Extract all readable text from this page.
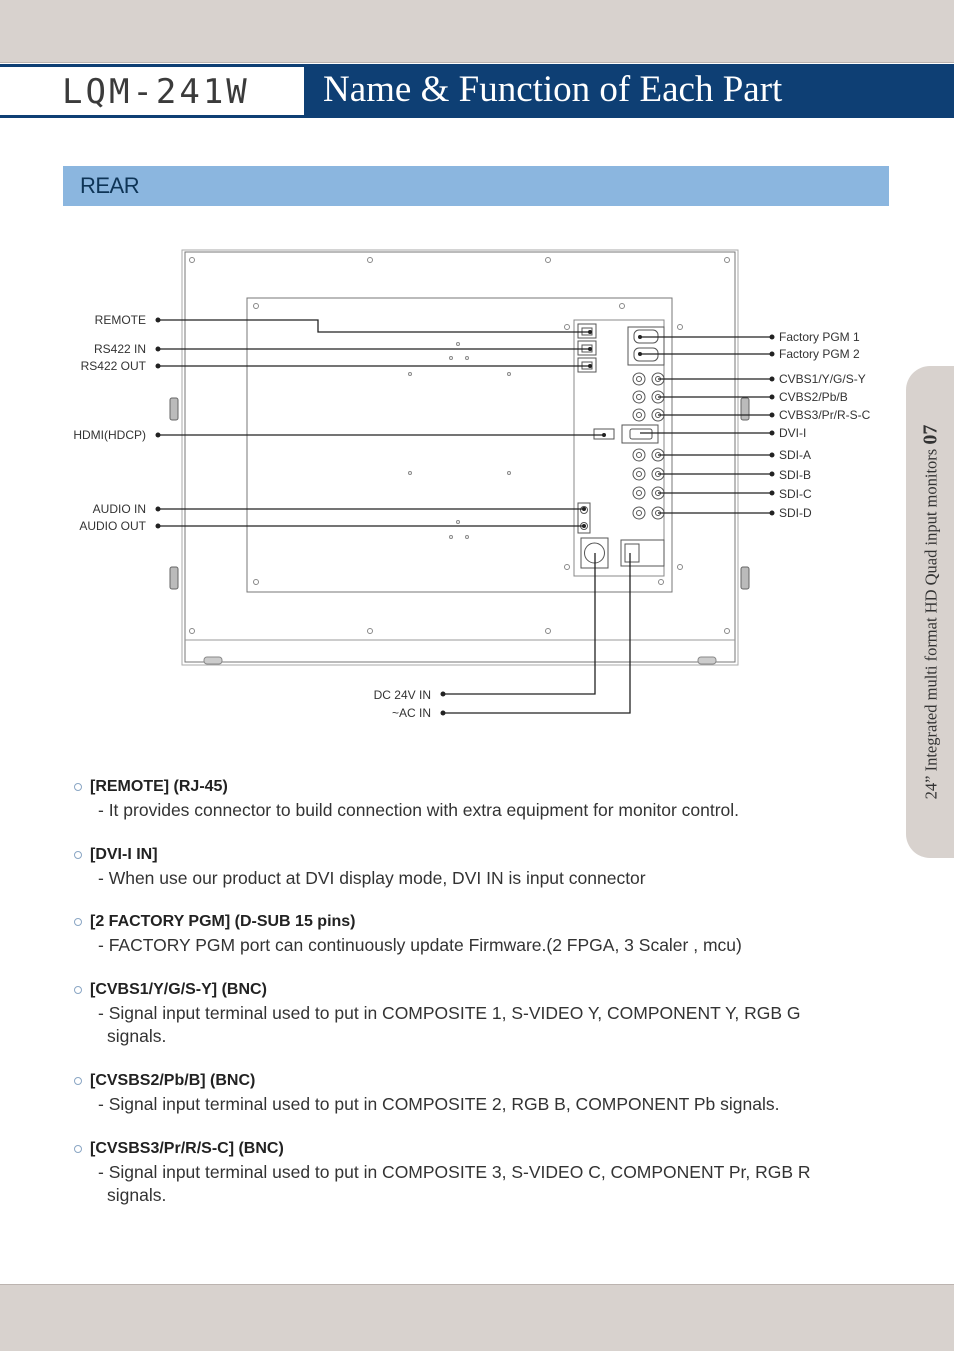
LQM-241W Name & Function of Each Part
24” Integrated multi format HD Quad input monitors 07
REAR
REMOTE
RS422 IN
RS422 OUT
HDMI(HDCP)
AUDIO IN
AUDIO OUT
Factory PGM 1
Factory PGM 2
CVBS1/Y/G/S-Y
CVBS2/Pb/B
CVBS3/Pr/R-S-C
DVI-I
SDI-A
SDI-B
SDI-C
SDI-D
DC 24V IN
~AC IN
[REMOTE] (RJ-45)
- It provides connector to build connection with extra equipment for monitor control.
[DVI-I IN]
- When use our product at DVI display mode, DVI IN is input connector
[2 FACTORY PGM] (D-SUB 15 pins)
- FACTORY PGM port can continuously update Firmware.(2 FPGA, 3 Scaler , mcu)
[CVBS1/Y/G/S-Y] (BNC)
- Signal input terminal used to put in COMPOSITE 1, S-VIDEO Y, COMPONENT Y, RGB G
signals.
[CVSBS2/Pb/B] (BNC)
- Signal input terminal used to put in COMPOSITE 2, RGB B, COMPONENT Pb signals.
[CVSBS3/Pr/R/S-C] (BNC)
- Signal input terminal used to put in COMPOSITE 3, S-VIDEO C, COMPONENT Pr, RGB R
signals.
